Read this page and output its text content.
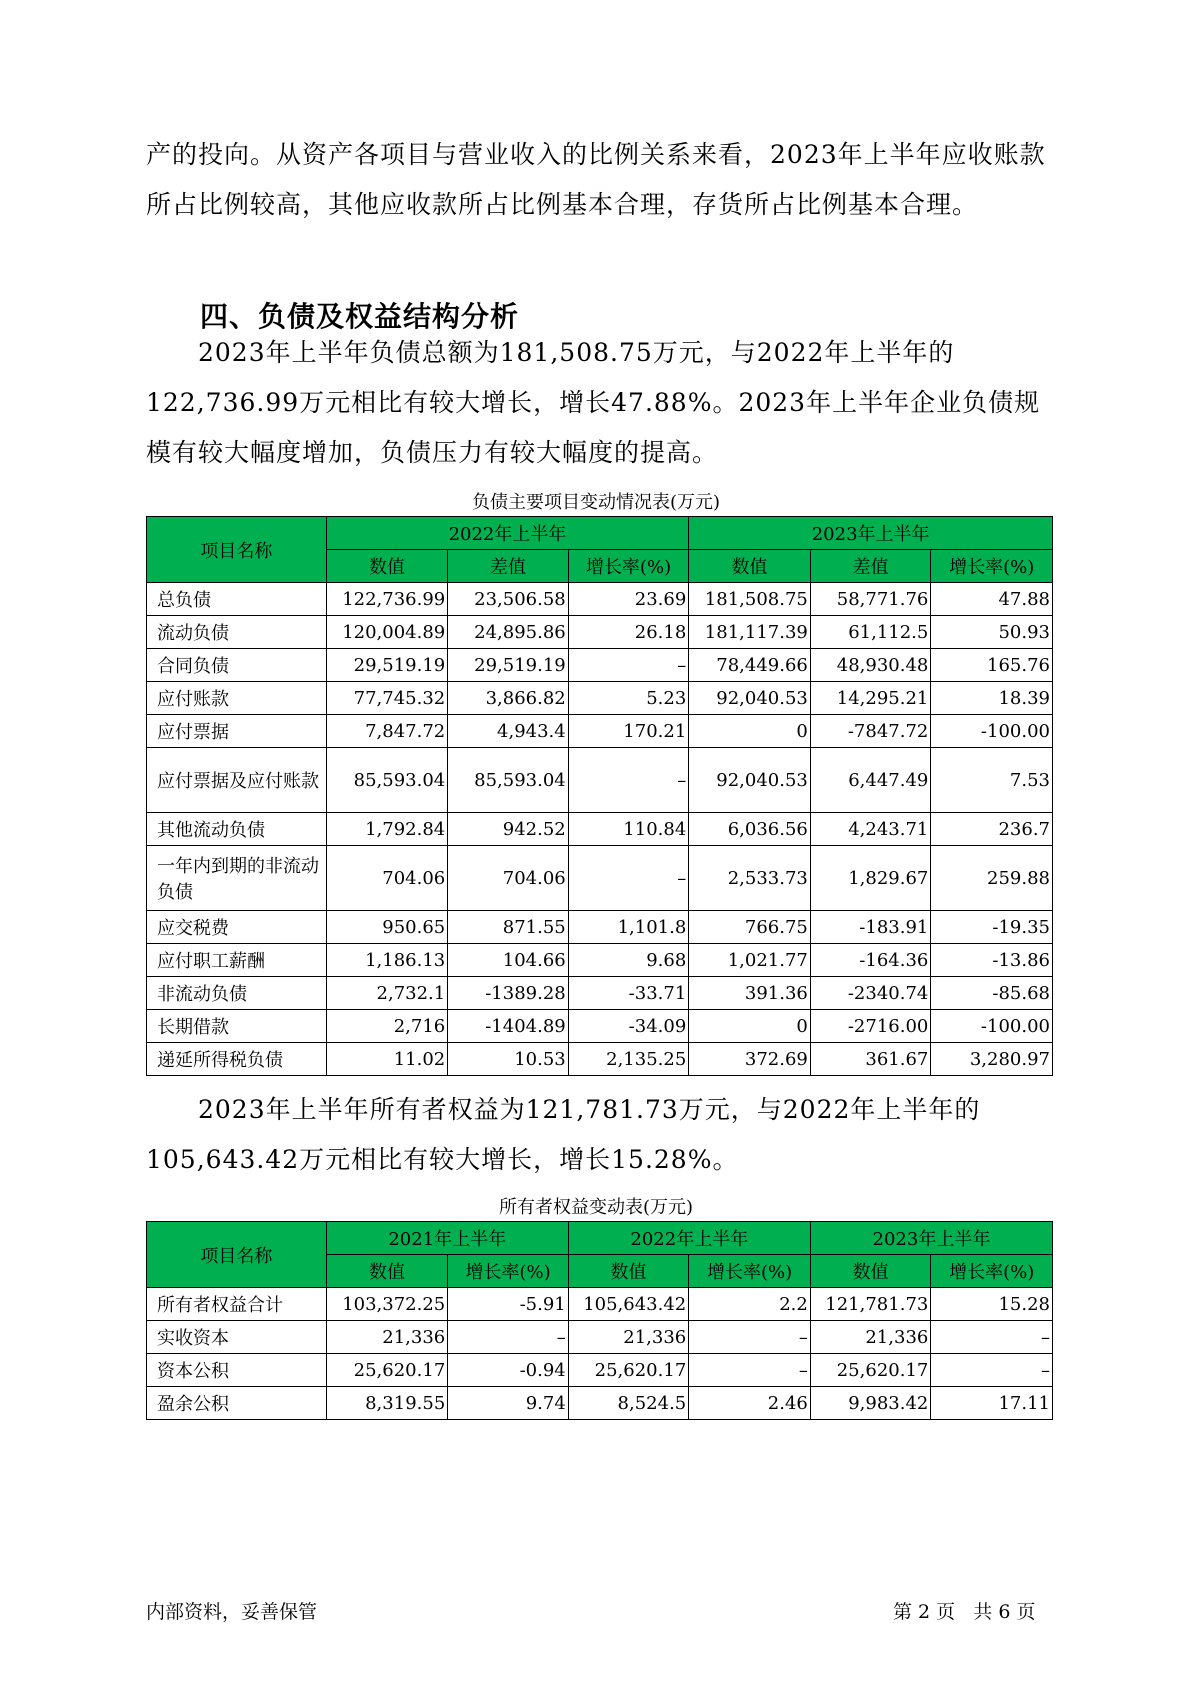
产的投向。从资产各项目与营业收入的比例关系来看，2023年上半年应收账款所占比例较高，其他应收款所占比例基本合理，存货所占比例基本合理。

四、负债及权益结构分析

2023年上半年负债总额为181,508.75万元，与2022年上半年的122,736.99万元相比有较大增长，增长47.88%。2023年上半年企业负债规模有较大幅度增加，负债压力有较大幅度的提高。

负债主要项目变动情况表(万元)

项目名称	2022年上半年			2023年上半年		
	数值	差值	增长率(%)	数值	差值	增长率(%)
总负债	122,736.99	23,506.58	23.69	181,508.75	58,771.76	47.88
流动负债	120,004.89	24,895.86	26.18	181,117.39	61,112.5	50.93
合同负债	29,519.19	29,519.19	–	78,449.66	48,930.48	165.76
应付账款	77,745.32	3,866.82	5.23	92,040.53	14,295.21	18.39
应付票据	7,847.72	4,943.4	170.21	0	-7847.72	-100.00
应付票据及应付账款	85,593.04	85,593.04	–	92,040.53	6,447.49	7.53
其他流动负债	1,792.84	942.52	110.84	6,036.56	4,243.71	236.7
一年内到期的非流动负债	704.06	704.06	–	2,533.73	1,829.67	259.88
应交税费	950.65	871.55	1,101.8	766.75	-183.91	-19.35
应付职工薪酬	1,186.13	104.66	9.68	1,021.77	-164.36	-13.86
非流动负债	2,732.1	-1389.28	-33.71	391.36	-2340.74	-85.68
长期借款	2,716	-1404.89	-34.09	0	-2716.00	-100.00
递延所得税负债	11.02	10.53	2,135.25	372.69	361.67	3,280.97

2023年上半年所有者权益为121,781.73万元，与2022年上半年的105,643.42万元相比有较大增长，增长15.28%。

所有者权益变动表(万元)

项目名称	2021年上半年		2022年上半年		2023年上半年	
	数值	增长率(%)	数值	增长率(%)	数值	增长率(%)
所有者权益合计	103,372.25	-5.91	105,643.42	2.2	121,781.73	15.28
实收资本	21,336	–	21,336	–	21,336	–
资本公积	25,620.17	-0.94	25,620.17	–	25,620.17	–
盈余公积	8,319.55	9.74	8,524.5	2.46	9,983.42	17.11
内部资料，妥善保管	第 2 页   共 6 页
